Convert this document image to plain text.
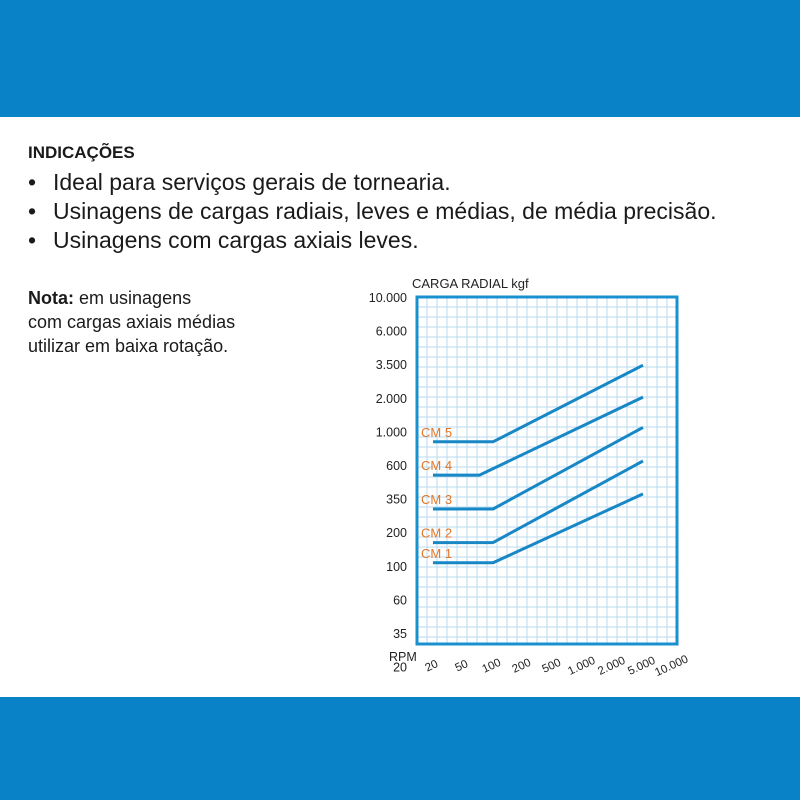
INDICAÇÕES
• Ideal para serviços gerais de tornearia.
• Usinagens de cargas radiais, leves e médias, de média precisão.
• Usinagens com cargas axiais leves.
Nota: em usinagens
com cargas axiais médias
utilizar em baixa rotação.
CARGA RADIAL kgf
10.000
6.000
3.500
2.000
1.000
600
350
200
100
60
35
20
RPM
20 50 100 200 500 1.000
2.000
5.000
10.000
CM 5
CM 4
CM 3
CM 2
CM 1
